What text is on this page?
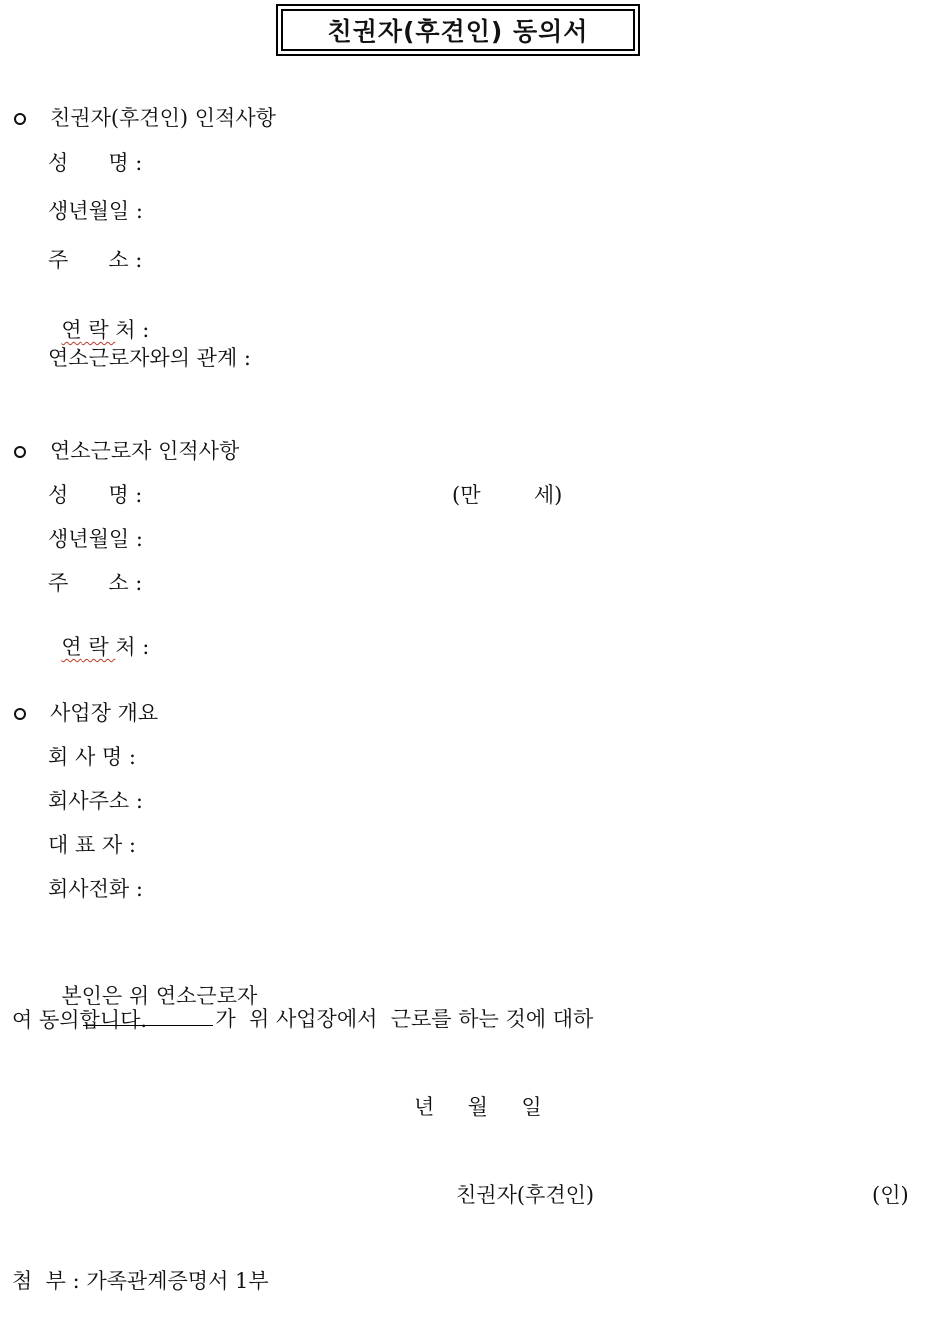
친권자(후견인) 동의서
친권자(후견인) 인적사항
성      명 :
생년월일 :
주      소 :

연 락 처 :

연소근로자와의 관계 :
연소근로자 인적사항
성      명 :	(만        세)
생년월일 :
주      소 :

연 락 처 :

사업장 개요
회 사 명 :
회사주소 :
대 표 자 :
회사전화 :

본인은 위 연소근로자
가  위 사업장에서  근로를 하는 것에 대하

여 동의합니다.
년     월     일
친권자(후견인)	(인)
첨  부 : 가족관계증명서 1부
